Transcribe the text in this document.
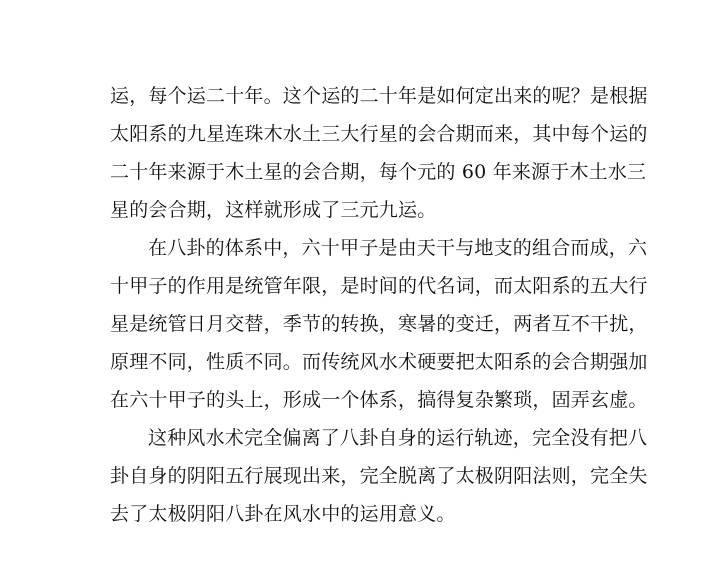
运，每个运二十年。这个运的二十年是如何定出来的呢？是根据
太阳系的九星连珠木水土三大行星的会合期而来，其中每个运的
二十年来源于木土星的会合期，每个元的 60 年来源于木土水三
星的会合期，这样就形成了三元九运。
在八卦的体系中，六十甲子是由天干与地支的组合而成，六
十甲子的作用是统管年限，是时间的代名词，而太阳系的五大行
星是统管日月交替，季节的转换，寒暑的变迁，两者互不干扰，
原理不同，性质不同。而传统风水术硬要把太阳系的会合期强加
在六十甲子的头上，形成一个体系，搞得复杂繁琐，固弄玄虚。
这种风水术完全偏离了八卦自身的运行轨迹，完全没有把八
卦自身的阴阳五行展现出来，完全脱离了太极阴阳法则，完全失
去了太极阴阳八卦在风水中的运用意义。
